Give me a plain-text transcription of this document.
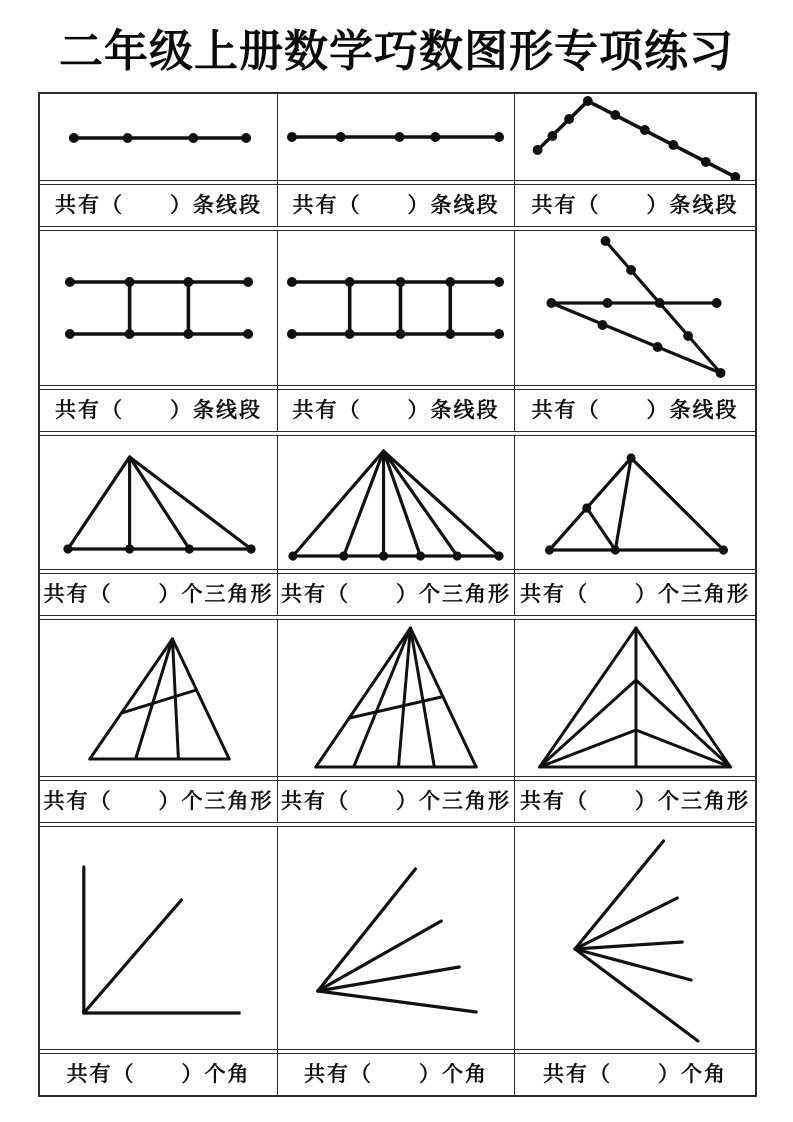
二年级上册数学巧数图形专项练习
共有（　　）条线段	共有（　　）条线段	共有（　　）条线段
共有（　　）条线段	共有（　　）条线段	共有（　　）条线段
共有（　　）个三角形 共有（　　）个三角形 共有（　　）个三角形
共有（　　）个三角形 共有（　　）个三角形 共有（　　）个三角形
共有（　　）个角	共有（　　）个角	共有（　　）个角
